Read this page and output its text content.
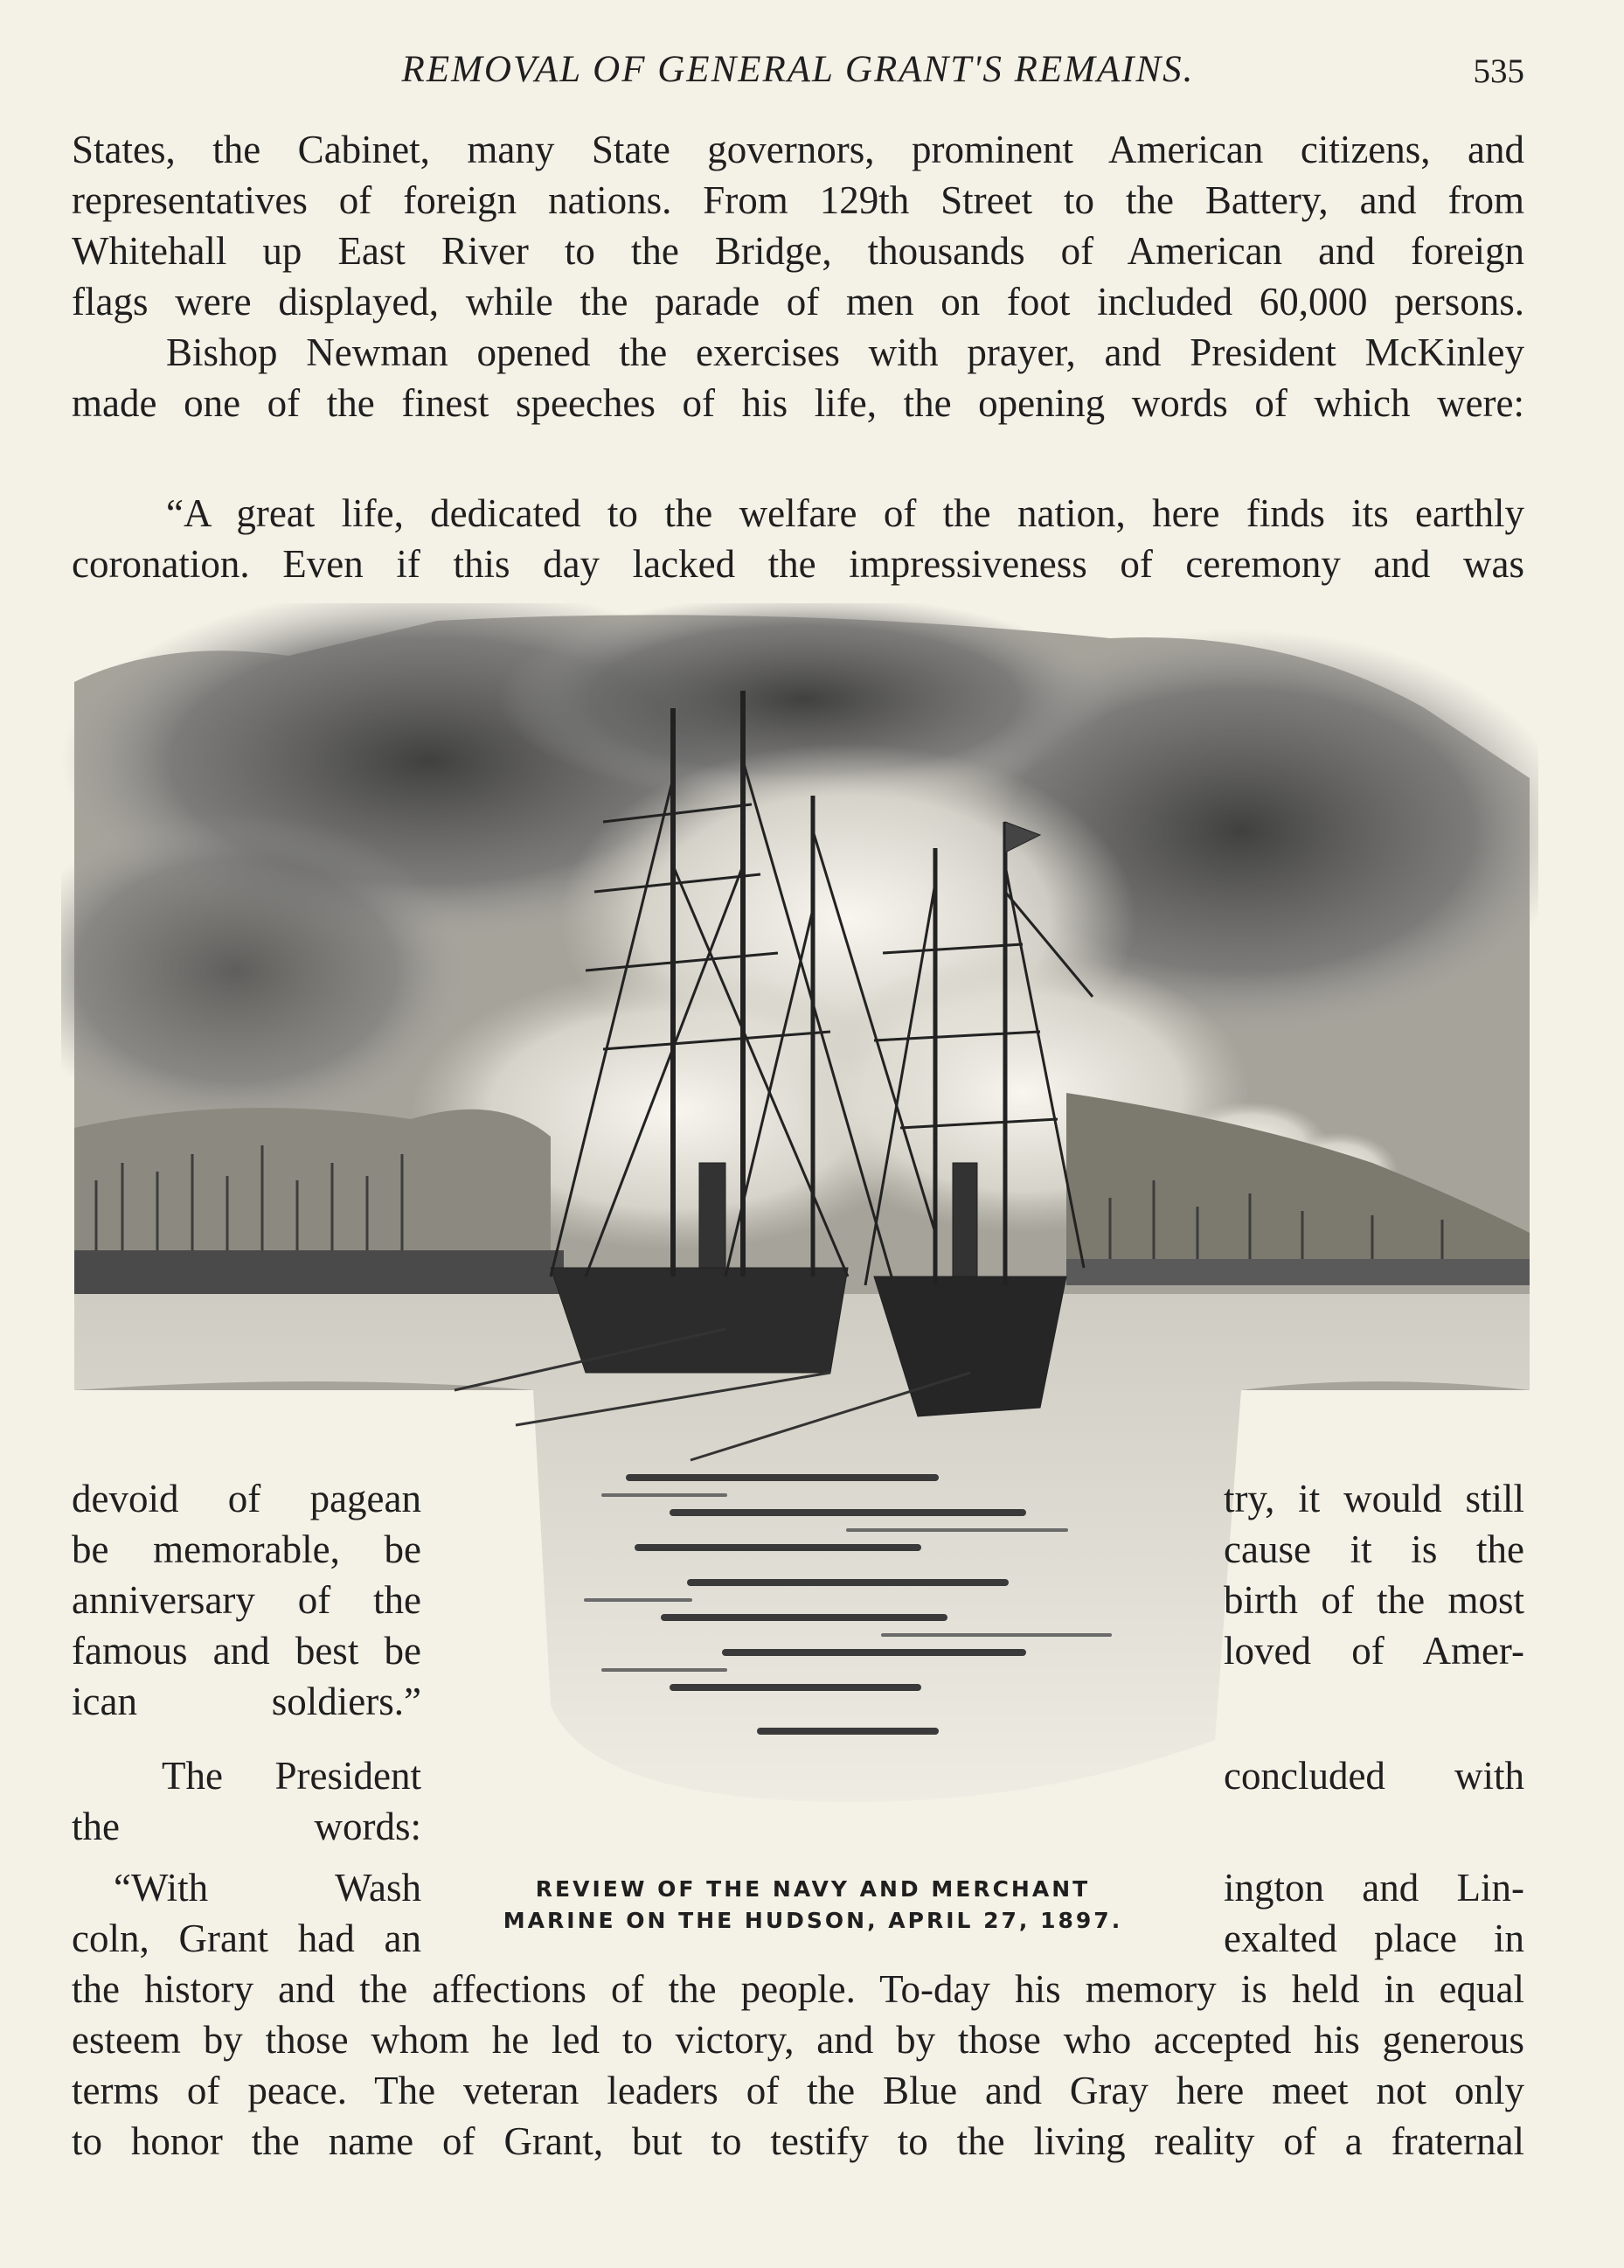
REMOVAL OF GENERAL GRANT'S REMAINS.	535
States, the Cabinet, many State governors, prominent American citizens, and
representatives of foreign nations. From 129th Street to the Battery, and from
Whitehall up East River to the Bridge, thousands of American and foreign
flags were displayed, while the parade of men on foot included 60,000 persons.
Bishop Newman opened the exercises with prayer, and President McKinley
made one of the finest speeches of his life, the opening words of which were:
“A great life, dedicated to the welfare of the nation, here finds its earthly
coronation. Even if this day lacked the impressiveness of ceremony and was
devoid of pagean
be memorable, be
anniversary of the
famous and best be
ican soldiers.”
try, it would still
cause it is the
birth of the most
loved of Amer-
The President
the words:
concluded with
“With Wash
coln, Grant had an
ington and Lin-
exalted place in
REVIEW OF THE NAVY AND MERCHANT
MARINE ON THE HUDSON, APRIL 27, 1897.
the history and the affections of the people. To-day his memory is held in equal
esteem by those whom he led to victory, and by those who accepted his generous
terms of peace. The veteran leaders of the Blue and Gray here meet not only
to honor the name of Grant, but to testify to the living reality of a fraternal
